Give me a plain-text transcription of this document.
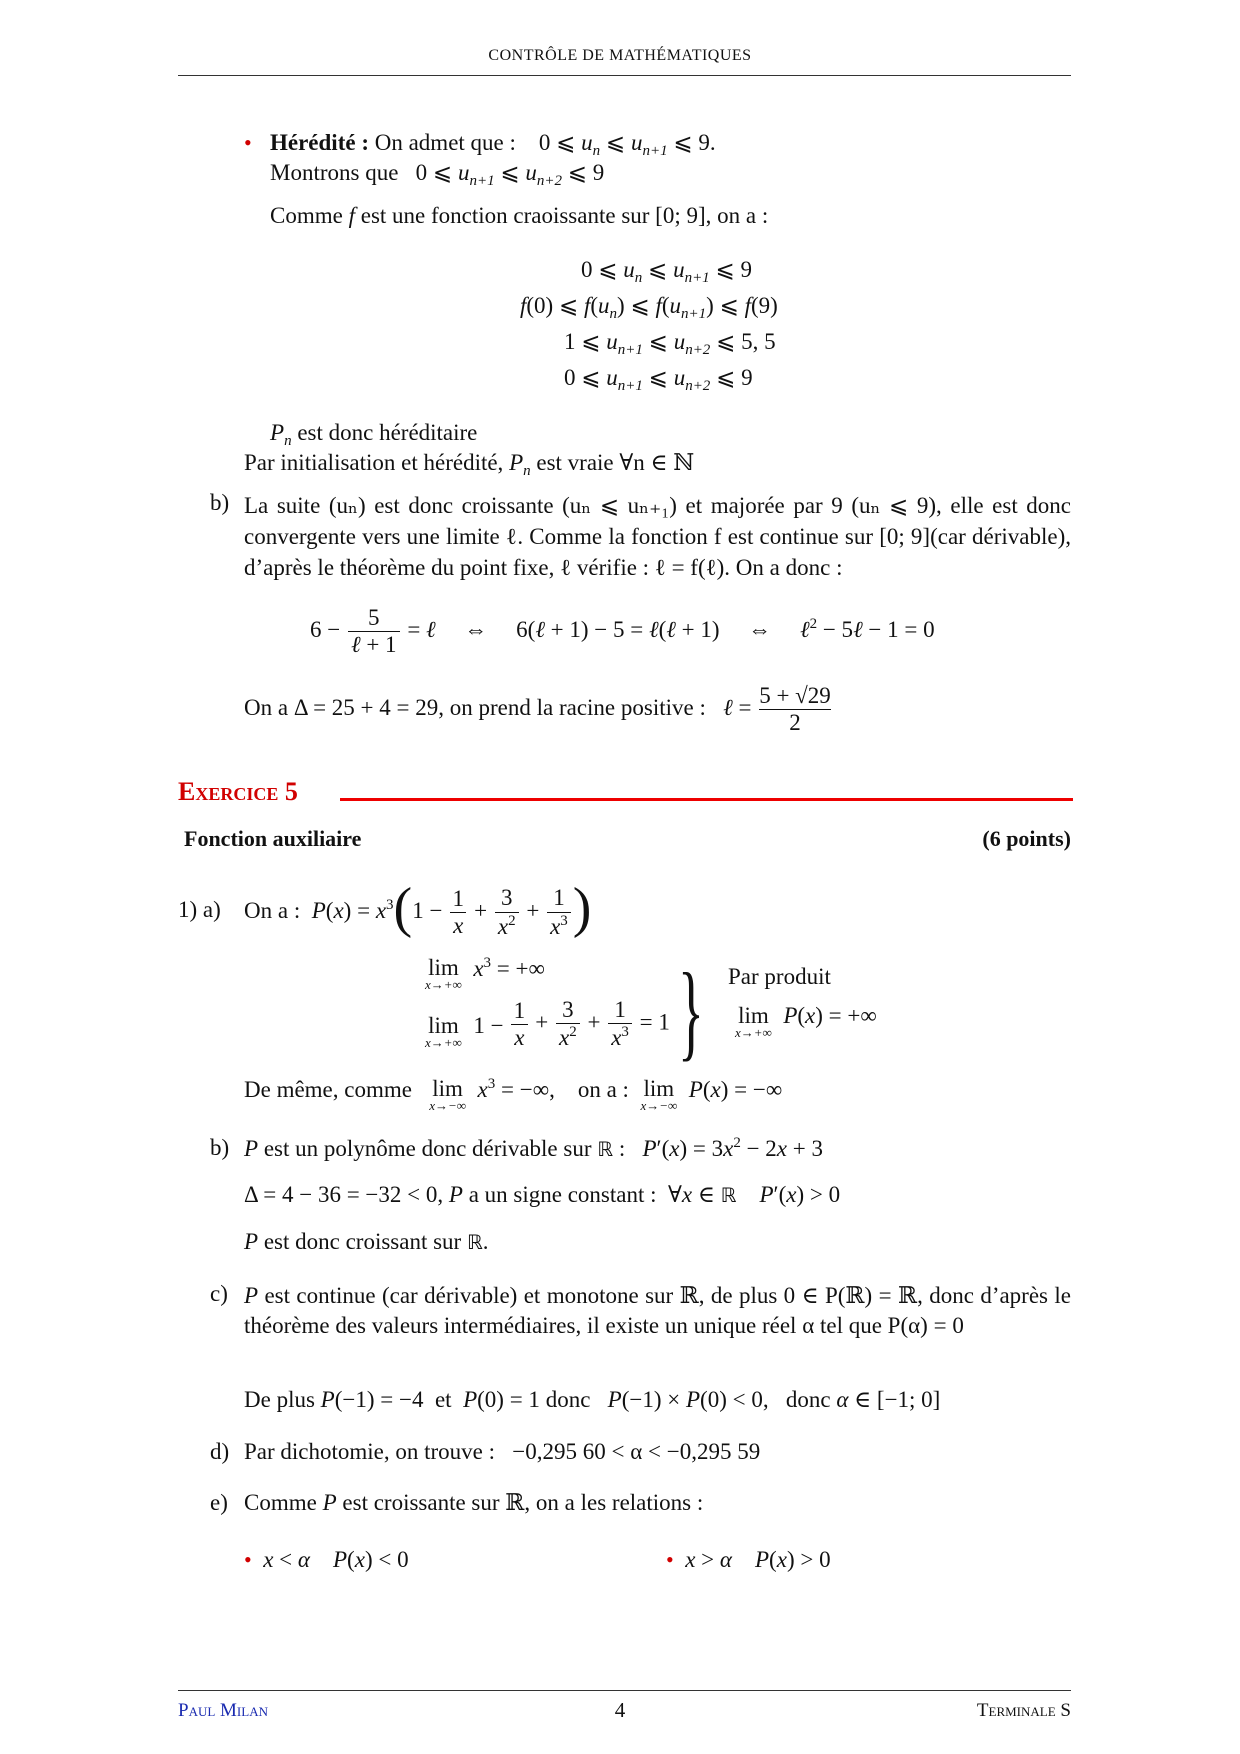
CONTRÔLE DE MATHÉMATIQUES
• Hérédité : On admet que :    0 ⩽ $u_n$ ⩽ $u_{n+1}$ ⩽ 9.
Montrons que   0 ⩽ $u_{n+1}$ ⩽ $u_{n+2}$ ⩽ 9
Comme f est une fonction craoissante sur [0; 9], on a :
0 ⩽ $u_n$ ⩽ $u_{n+1}$ ⩽ 9
f(0) ⩽ $f(u_n)$ ⩽ $f(u_{n+1})$ ⩽ f(9)
1 ⩽ $u_{n+1}$ ⩽ $u_{n+2}$ ⩽ 5, 5
0 ⩽ $u_{n+1}$ ⩽ $u_{n+2}$ ⩽ 9
$P_n$ est donc héréditaire
Par initialisation et hérédité, $P_n$ est vraie ∀n ∈ ℕ
b) La suite (uₙ) est donc croissante (uₙ ⩽ uₙ₊₁) et majorée par 9 (uₙ ⩽ 9), elle est donc convergente vers une limite ℓ. Comme la fonction f est continue sur [0; 9](car dérivable), d’après le théorème du point fixe, ℓ vérifie : ℓ = f(ℓ). On a donc :
$6 - \frac{5}{\text{ℓ + 1}}$ = ℓ     ⇔     6(ℓ + 1) − 5 = ℓ(ℓ + 1)     ⇔     ℓ$^2$ − 5ℓ − 1 = 0
On a Δ = 25 + 4 = 29, on prend la racine positive : ℓ = $\frac{5 + √29}{2}$
Exercice 5
Fonction auxiliaire	(6 points)
1) a) On a : $P(x) = x^3(1 - \frac{1}{x} + \frac{3}{x^2} + \frac{1}{x^3}$ )
lim
x→+∞
$x^3$ = +∞
lim
x→+∞
$1 - \frac{1}{x} + \frac{3}{x^2} + \frac{1}{x^3} = 1$ } Par produit
lim
x→+∞
P(x) = +∞
De même, comme lim
x→−∞
$x^3$ = −∞,    on a : lim
x→−∞
P(x) = −∞
b) P est un polynôme donc dérivable sur ℝ :   $P'(x) = 3x^2 - 2x + 3$
Δ = 4 − 36 = −32 < 0, P a un signe constant :  ∀x ∈ ℝ P′(x) > 0
P est donc croissant sur ℝ.
c) P est continue (car dérivable) et monotone sur ℝ, de plus 0 ∈ P(ℝ) = ℝ, donc d’après le théorème des valeurs intermédiaires, il existe un unique réel α tel que P(α) = 0
De plus P(−1) = −4  et P(0) = 1 donc P(−1) × P(0) < 0,   donc α ∈ [−1; 0]
d) Par dichotomie, on trouve : −0,295 60 < α < −0,295 59
e) Comme P est croissante sur ℝ, on a les relations :
• x < α P(x) < 0	• x > α P(x) > 0
Paul Milan	4	Terminale S
